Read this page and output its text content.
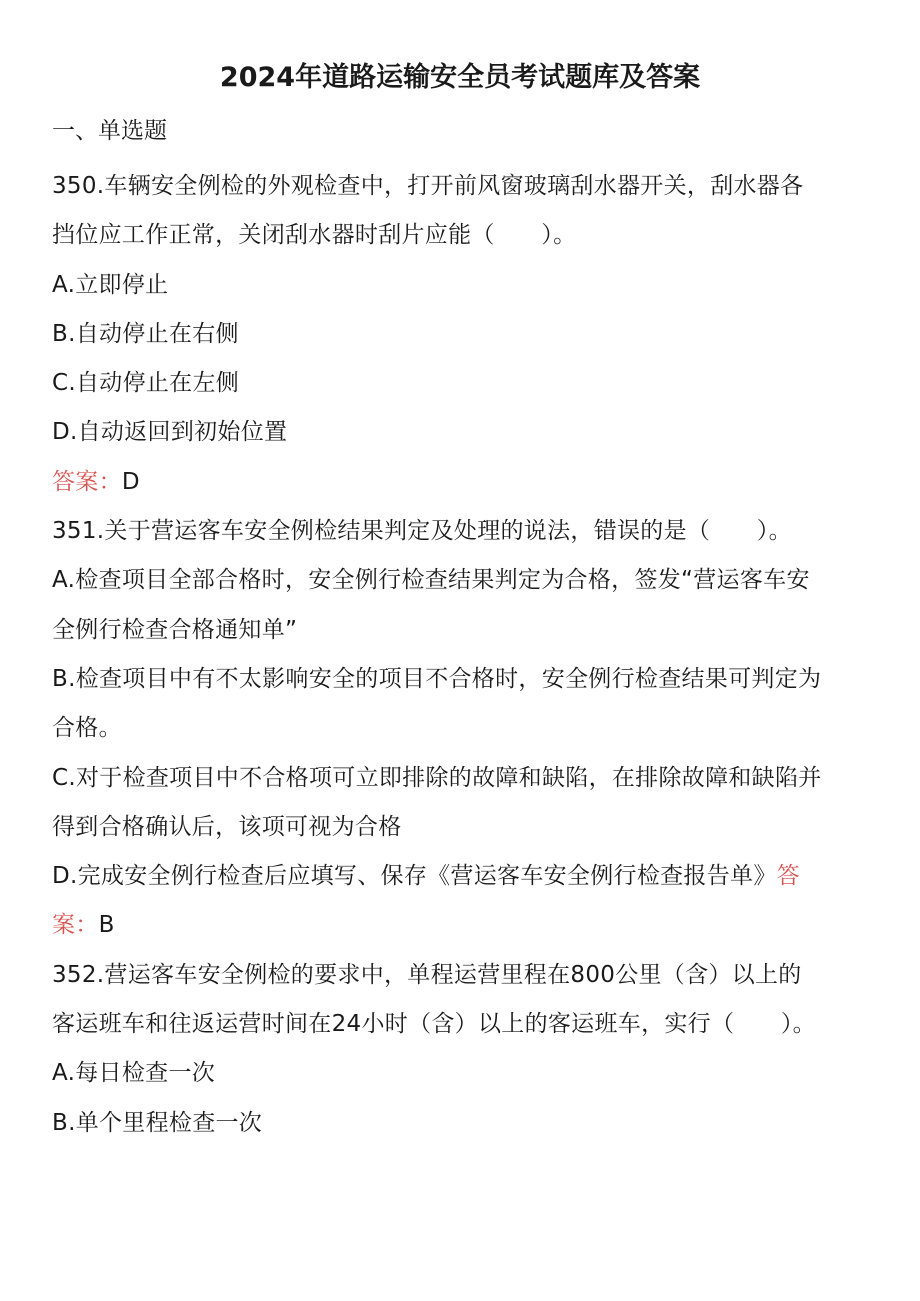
2024年道路运输安全员考试题库及答案
一、单选题
350.车辆安全例检的外观检查中，打开前风窗玻璃刮水器开关，刮水器各
挡位应工作正常，关闭刮水器时刮片应能（　　）。
A.立即停止
B.自动停止在右侧
C.自动停止在左侧
D.自动返回到初始位置
答案：D
351.关于营运客车安全例检结果判定及处理的说法，错误的是（　　）。
A.检查项目全部合格时，安全例行检查结果判定为合格，签发“营运客车安
全例行检查合格通知单”
B.检查项目中有不太影响安全的项目不合格时，安全例行检查结果可判定为
合格。
C.对于检查项目中不合格项可立即排除的故障和缺陷，在排除故障和缺陷并
得到合格确认后，该项可视为合格
D.完成安全例行检查后应填写、保存《营运客车安全例行检查报告单》答
案：B
352.营运客车安全例检的要求中，单程运营里程在800公里（含）以上的
客运班车和往返运营时间在24小时（含）以上的客运班车，实行（　　）。
A.每日检查一次
B.单个里程检查一次
